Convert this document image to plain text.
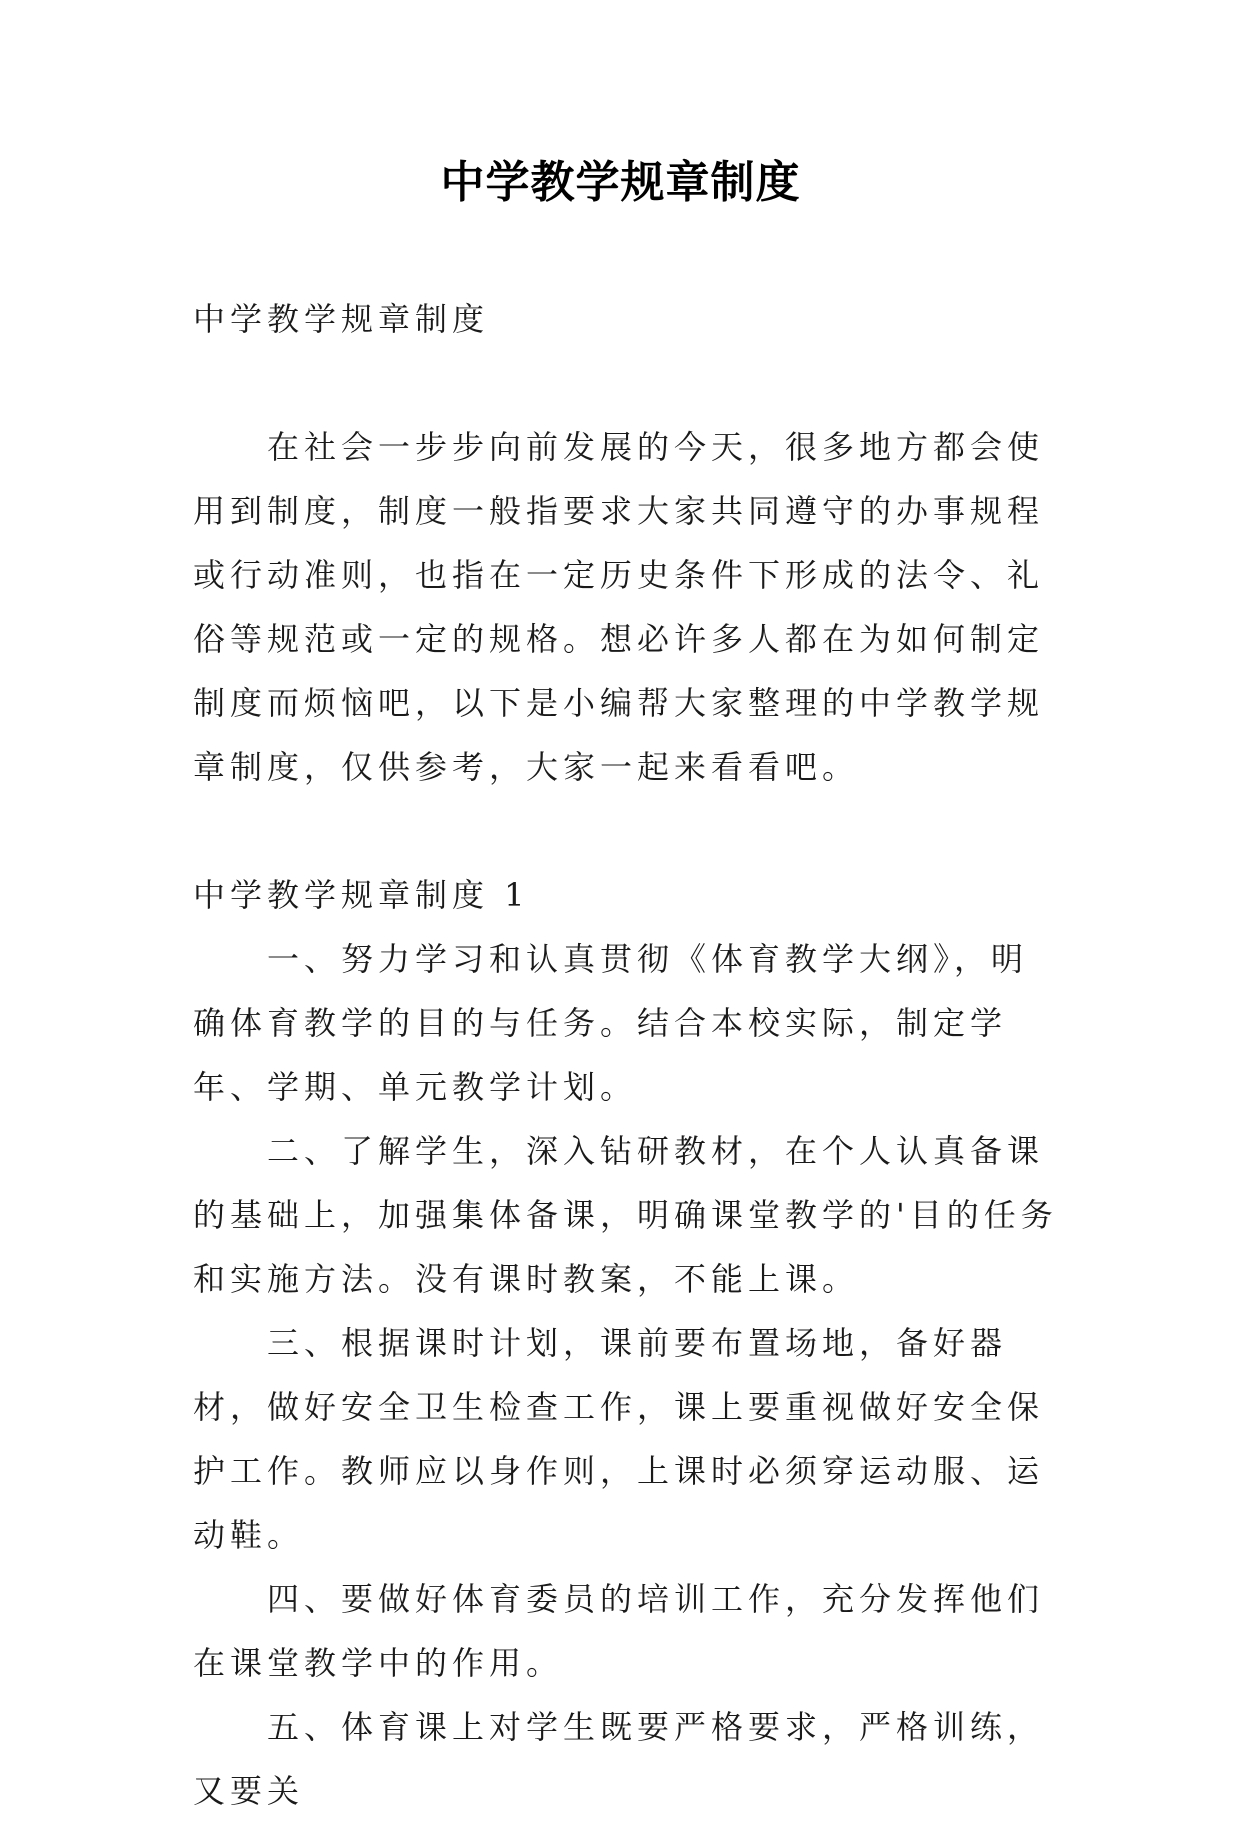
中学教学规章制度

中学教学规章制度

在社会一步步向前发展的今天，很多地方都会使用到制度，制度一般指要求大家共同遵守的办事规程或行动准则，也指在一定历史条件下形成的法令、礼俗等规范或一定的规格。想必许多人都在为如何制定制度而烦恼吧，以下是小编帮大家整理的中学教学规章制度，仅供参考，大家一起来看看吧。

中学教学规章制度 1

一、努力学习和认真贯彻《体育教学大纲》，明确体育教学的目的与任务。结合本校实际，制定学年、学期、单元教学计划。

二、了解学生，深入钻研教材，在个人认真备课的基础上，加强集体备课，明确课堂教学的'目的任务和实施方法。没有课时教案，不能上课。

三、根据课时计划，课前要布置场地，备好器材，做好安全卫生检查工作，课上要重视做好安全保护工作。教师应以身作则，上课时必须穿运动服、运动鞋。

四、要做好体育委员的培训工作，充分发挥他们在课堂教学中的作用。

五、体育课上对学生既要严格要求，严格训练，又要关
